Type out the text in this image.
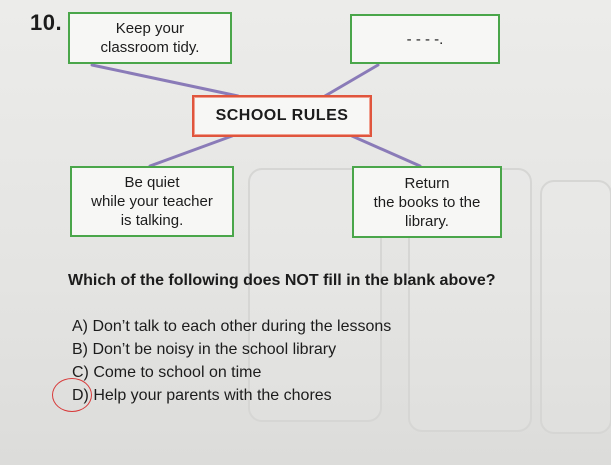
10.	Keep your
classroom tidy.	- - - -.
SCHOOL RULES
Be quiet
while your teacher
is talking.
Return
the books to the
library.
Which of the following does NOT fill in the blank above?
A) Don’t talk to each other during the lessons
B) Don’t be noisy in the school library
C) Come to school on time
D) Help your parents with the chores
